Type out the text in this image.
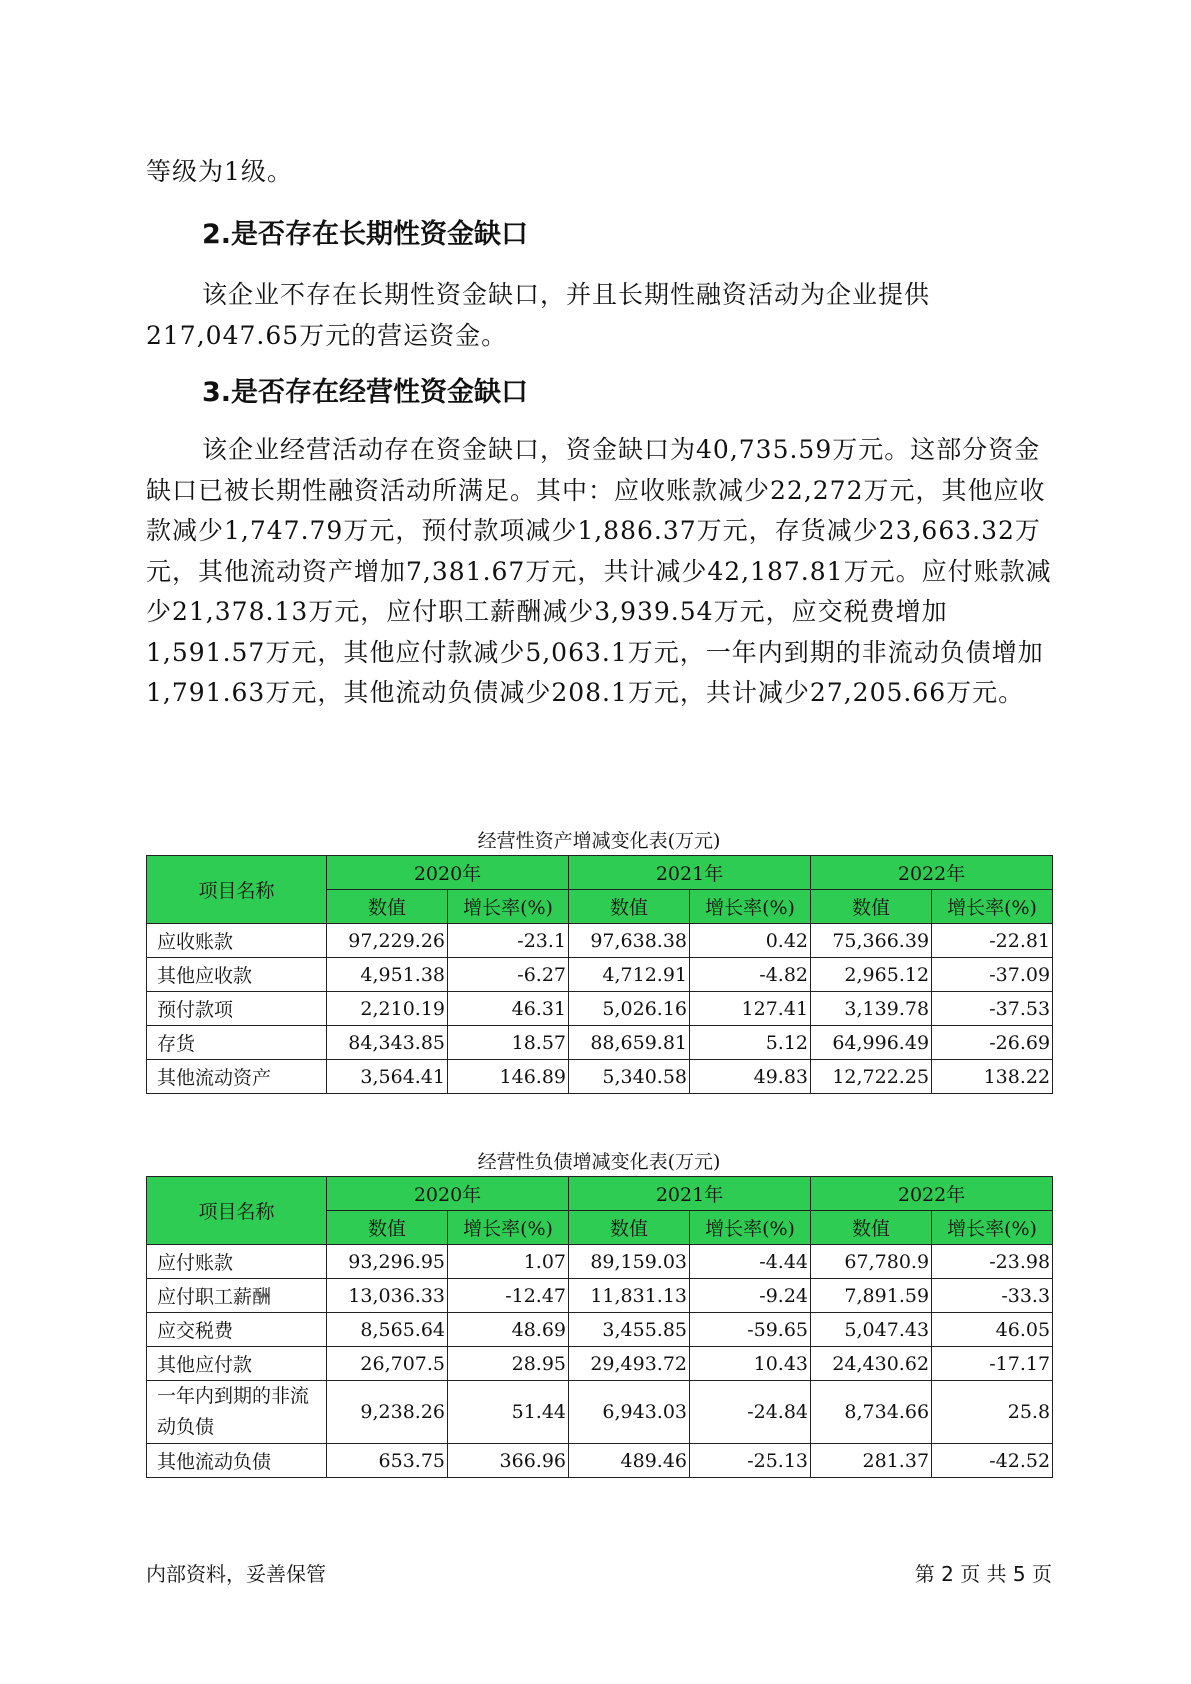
等级为1级。
2.是否存在长期性资金缺口
该企业不存在长期性资金缺口，并且长期性融资活动为企业提供217,047.65万元的营运资金。
3.是否存在经营性资金缺口
该企业经营活动存在资金缺口，资金缺口为40,735.59万元。这部分资金缺口已被长期性融资活动所满足。其中：应收账款减少22,272万元，其他应收款减少1,747.79万元，预付款项减少1,886.37万元，存货减少23,663.32万元，其他流动资产增加7,381.67万元，共计减少42,187.81万元。应付账款减少21,378.13万元，应付职工薪酬减少3,939.54万元，应交税费增加1,591.57万元，其他应付款减少5,063.1万元，一年内到期的非流动负债增加1,791.63万元，其他流动负债减少208.1万元，共计减少27,205.66万元。
经营性资产增减变化表(万元)
项目名称	2020年		2021年		2022年	
	数值	增长率(%)	数值	增长率(%)	数值	增长率(%)
应收账款	97,229.26	-23.1	97,638.38	0.42	75,366.39	-22.81
其他应收款	4,951.38	-6.27	4,712.91	-4.82	2,965.12	-37.09
预付款项	2,210.19	46.31	5,026.16	127.41	3,139.78	-37.53
存货	84,343.85	18.57	88,659.81	5.12	64,996.49	-26.69
其他流动资产	3,564.41	146.89	5,340.58	49.83	12,722.25	138.22
经营性负债增减变化表(万元)
项目名称	2020年		2021年		2022年	
	数值	增长率(%)	数值	增长率(%)	数值	增长率(%)
应付账款	93,296.95	1.07	89,159.03	-4.44	67,780.9	-23.98
应付职工薪酬	13,036.33	-12.47	11,831.13	-9.24	7,891.59	-33.3
应交税费	8,565.64	48.69	3,455.85	-59.65	5,047.43	46.05
其他应付款	26,707.5	28.95	29,493.72	10.43	24,430.62	-17.17
一年内到期的非流动负债	9,238.26	51.44	6,943.03	-24.84	8,734.66	25.8
其他流动负债	653.75	366.96	489.46	-25.13	281.37	-42.52
内部资料，妥善保管	第 2 页 共 5 页
